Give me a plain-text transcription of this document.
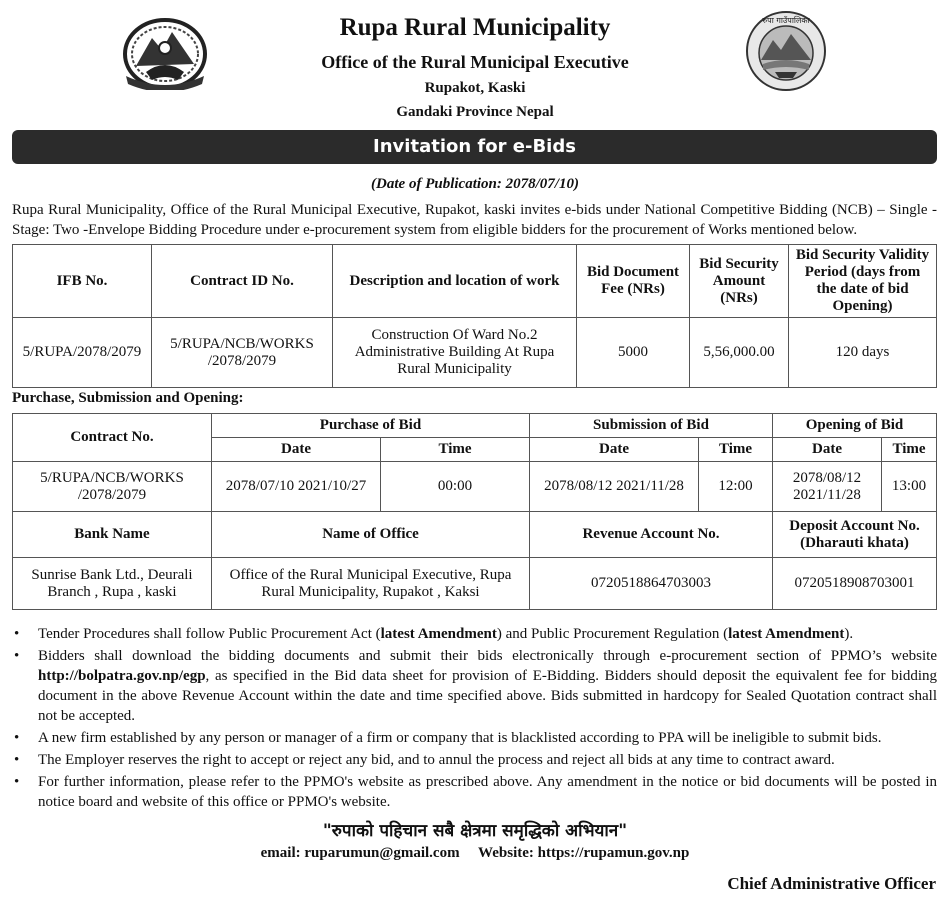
Rupa Rural Municipality
Office of the Rural Municipal Executive
Rupakot, Kaski
Gandaki Province Nepal
रुपा गाउँपालिका
Invitation for e-Bids
(Date of Publication: 2078/07/10)
Rupa Rural Municipality, Office of the Rural Municipal Executive, Rupakot, kaski invites e-bids under National Competitive Bidding (NCB) – Single - Stage: Two -Envelope Bidding Procedure under e-procurement system from eligible bidders for the procurement of Works mentioned below.
IFB No.	Contract ID No.	Description and location of work	Bid Document Fee (NRs)	Bid Security Amount (NRs)	Bid Security Validity Period (days from the date of bid Opening)
5/RUPA/2078/2079	5/RUPA/NCB/WORKS /2078/2079	Construction Of Ward No.2 Administrative Building At Rupa Rural Municipality	5000	5,56,000.00	120 days
Purchase, Submission and Opening:
Contract No.	Purchase of Bid		Submission of Bid		Opening of Bid	
	Date	Time	Date	Time	Date	Time
5/RUPA/NCB/WORKS /2078/2079	2078/07/10 2021/10/27	00:00	2078/08/12 2021/11/28	12:00	2078/08/12 2021/11/28	13:00
Bank Name	Name of Office		Revenue Account No.		Deposit Account No. (Dharauti khata)	
Sunrise Bank Ltd., Deurali Branch , Rupa , kaski	Office of the Rural Municipal Executive, Rupa Rural Municipality, Rupakot , Kaksi		0720518864703003		0720518908703001	
• Tender Procedures shall follow Public Procurement Act (latest Amendment) and Public Procurement Regulation (latest Amendment).
• Bidders shall download the bidding documents and submit their bids electronically through e-procurement section of PPMO’s website http://bolpatra.gov.np/egp, as specified in the Bid data sheet for provision of E-Bidding. Bidders should deposit the equivalent fee for bidding document in the above Revenue Account within the date and time specified above. Bids submitted in hardcopy for Sealed Quotation contract shall not be accepted.
• A new firm established by any person or manager of a firm or company that is blacklisted according to PPA will be ineligible to submit bids.
• The Employer reserves the right to accept or reject any bid, and to annul the process and reject all bids at any time to contract award.
• For further information, please refer to the PPMO's website as prescribed above. Any amendment in the notice or bid documents will be posted in notice board and website of this office or PPMO's website.
"रुपाको पहिचान सबै क्षेत्रमा समृद्धिको अभियान"
email: ruparumun@gmail.com     Website: https://rupamun.gov.np
Chief Administrative Officer
